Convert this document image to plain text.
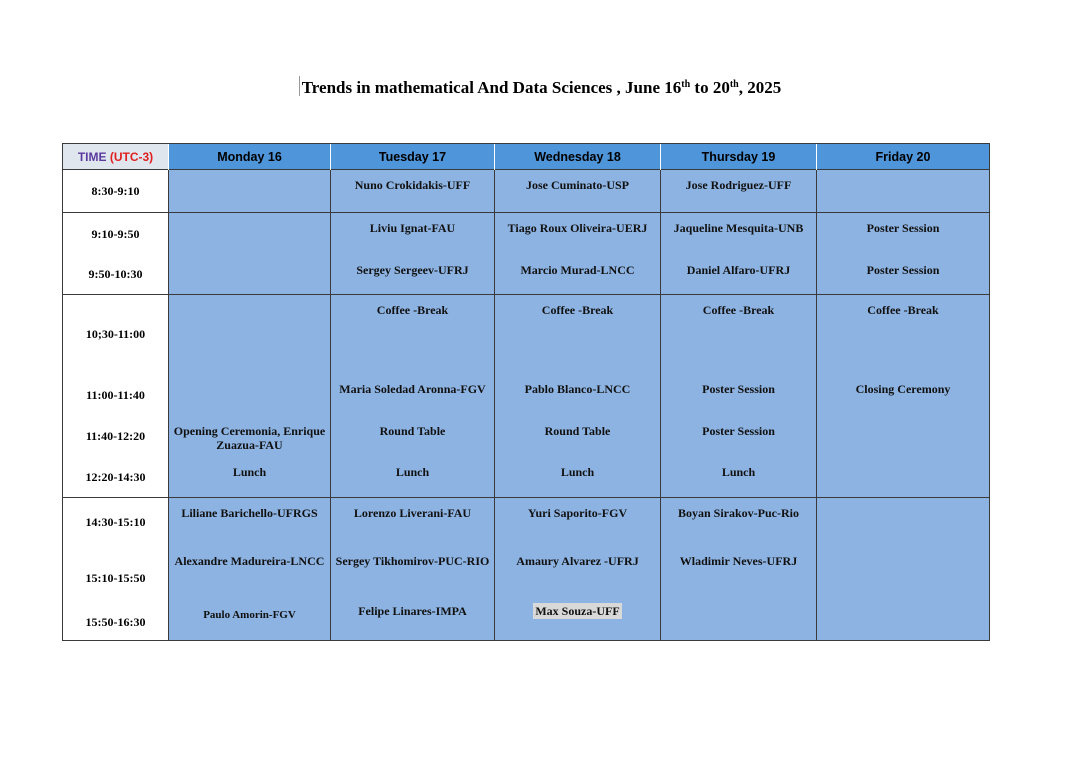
Trends in mathematical And Data Sciences , June 16th to 20th, 2025
TIME (UTC-3)	Monday 16	Tuesday 17	Wednesday 18	Thursday 19	Friday 20

8:30-9:10		Nuno Crokidakis-UFF	Jose Cuminato-USP	Jose Rodriguez-UFF	

9:10-9:50		Liviu Ignat-FAU	Tiago Roux Oliveira-UERJ	Jaqueline Mesquita-UNB	Poster Session

9:50-10:30		Sergey Sergeev-UFRJ	Marcio Murad-LNCC	Daniel Alfaro-UFRJ	Poster Session

10;30-11:00		Coffee -Break	Coffee -Break	Coffee -Break	Coffee -Break

11:00-11:40		Maria Soledad Aronna-FGV	Pablo Blanco-LNCC	Poster Session	Closing Ceremony

11:40-12:20	Opening Ceremonia, Enrique Zuazua-FAU	Round Table	Round Table	Poster Session	

12:20-14:30	Lunch	Lunch	Lunch	Lunch	

14:30-15:10	Liliane Barichello-UFRGS	Lorenzo Liverani-FAU	Yuri Saporito-FGV	Boyan Sirakov-Puc-Rio	

15:10-15:50	Alexandre Madureira-LNCC	Sergey Tikhomirov-PUC-RIO	Amaury Alvarez -UFRJ	Wladimir Neves-UFRJ	

15:50-16:30	Paulo Amorin-FGV	Felipe Linares-IMPA	Max Souza-UFF		
